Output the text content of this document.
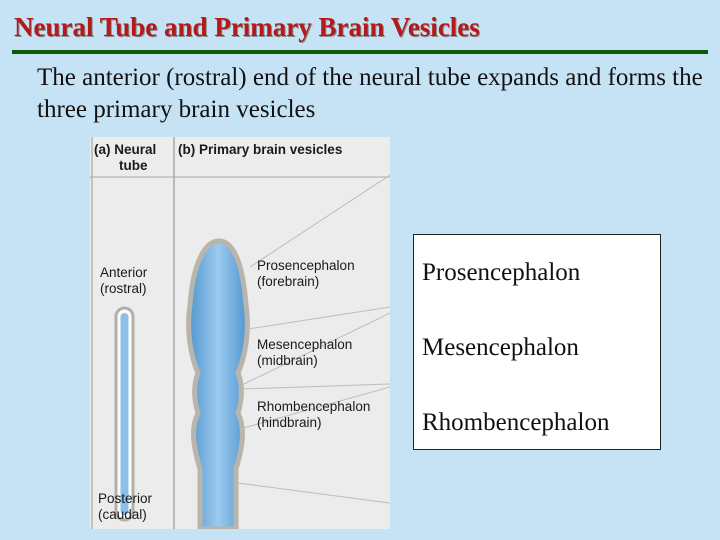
Neural Tube and Primary Brain Vesicles
The anterior (rostral) end of the neural tube expands and forms the three primary brain vesicles
(a) Neural
tube
(b) Primary brain vesicles
Anterior
(rostral)
Posterior
(caudal)
Prosencephalon
(forebrain)
Mesencephalon
(midbrain)
Rhombencephalon
(hindbrain)
Prosencephalon
Mesencephalon
Rhombencephalon
